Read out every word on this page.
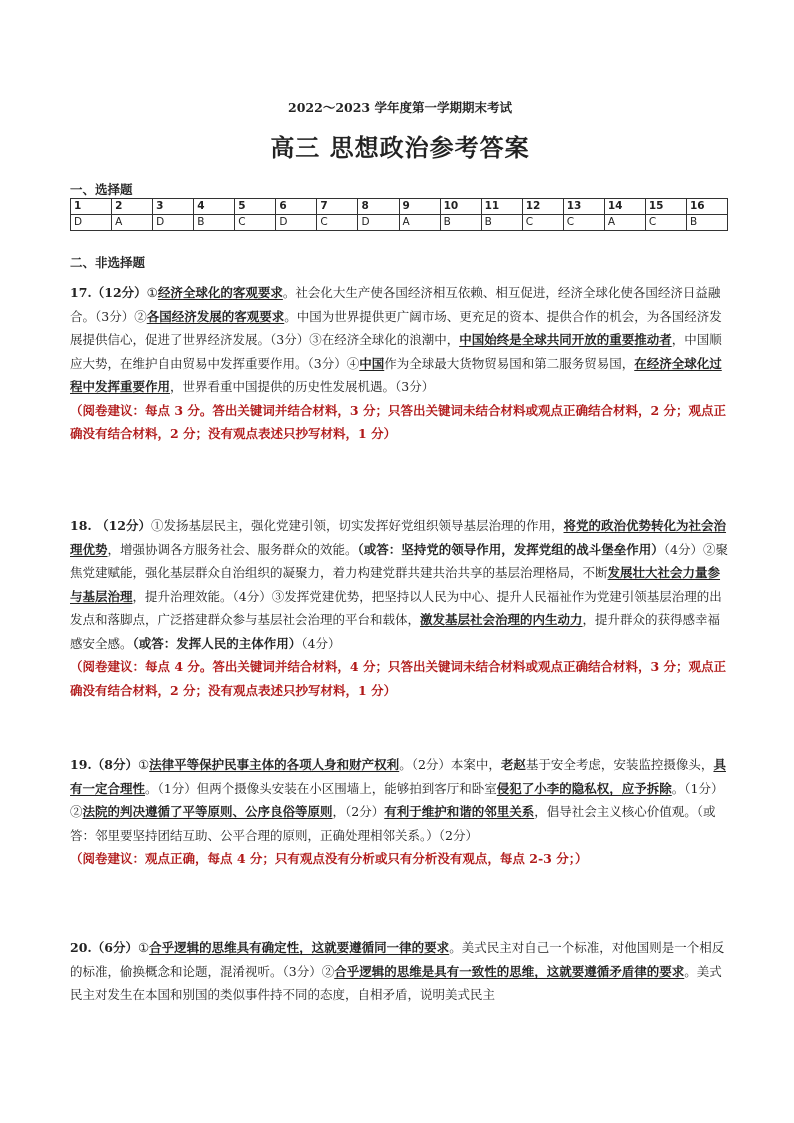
2022～2023 学年度第一学期期末考试
高三 思想政治参考答案
一、选择题
1	2	3	4	5	6	7	8	9	10	11	12	13	14	15	16
D	A	D	B	C	D	C	D	A	B	B	C	C	A	C	B
二、非选择题
17.（12分）①经济全球化的客观要求。社会化大生产使各国经济相互依赖、相互促进，经济全球化使各国经济日益融合。（3分）②各国经济发展的客观要求。中国为世界提供更广阔市场、更充足的资本、提供合作的机会，为各国经济发展提供信心，促进了世界经济发展。（3分）③在经济全球化的浪潮中，中国始终是全球共同开放的重要推动者，中国顺应大势，在维护自由贸易中发挥重要作用。（3分）④中国作为全球最大货物贸易国和第二服务贸易国，在经济全球化过程中发挥重要作用，世界看重中国提供的历史性发展机遇。（3分）
（阅卷建议：每点 3 分。答出关键词并结合材料，3 分；只答出关键词未结合材料或观点正确结合材料，2 分；观点正确没有结合材料，2 分；没有观点表述只抄写材料，1 分）
18. （12分）①发扬基层民主，强化党建引领，切实发挥好党组织领导基层治理的作用，将党的政治优势转化为社会治理优势，增强协调各方服务社会、服务群众的效能。（或答：坚持党的领导作用，发挥党组的战斗堡垒作用）（4分）②聚焦党建赋能，强化基层群众自治组织的凝聚力，着力构建党群共建共治共享的基层治理格局，不断发展壮大社会力量参与基层治理，提升治理效能。（4分）③发挥党建优势，把坚持以人民为中心、提升人民福祉作为党建引领基层治理的出发点和落脚点，广泛搭建群众参与基层社会治理的平台和载体，激发基层社会治理的内生动力，提升群众的获得感幸福感安全感。（或答：发挥人民的主体作用）（4分）
（阅卷建议：每点 4 分。答出关键词并结合材料，4 分；只答出关键词未结合材料或观点正确结合材料，3 分；观点正确没有结合材料，2 分；没有观点表述只抄写材料，1 分）
19.（8分）①法律平等保护民事主体的各项人身和财产权利。（2分）本案中，老赵基于安全考虑，安装监控摄像头，具有一定合理性。（1分）但两个摄像头安装在小区围墙上，能够拍到客厅和卧室侵犯了小李的隐私权，应予拆除。（1分）②法院的判决遵循了平等原则、公序良俗等原则，（2分）有利于维护和谐的邻里关系，倡导社会主义核心价值观。（或答：邻里要坚持团结互助、公平合理的原则，正确处理相邻关系。）（2分）
（阅卷建议：观点正确，每点 4 分；只有观点没有分析或只有分析没有观点，每点 2-3 分；）
20.（6分）①合乎逻辑的思维具有确定性，这就要遵循同一律的要求。美式民主对自己一个标准，对他国则是一个相反的标准，偷换概念和论题，混淆视听。（3分）②合乎逻辑的思维是具有一致性的思维，这就要遵循矛盾律的要求。美式民主对发生在本国和别国的类似事件持不同的态度，自相矛盾，说明美式民主
